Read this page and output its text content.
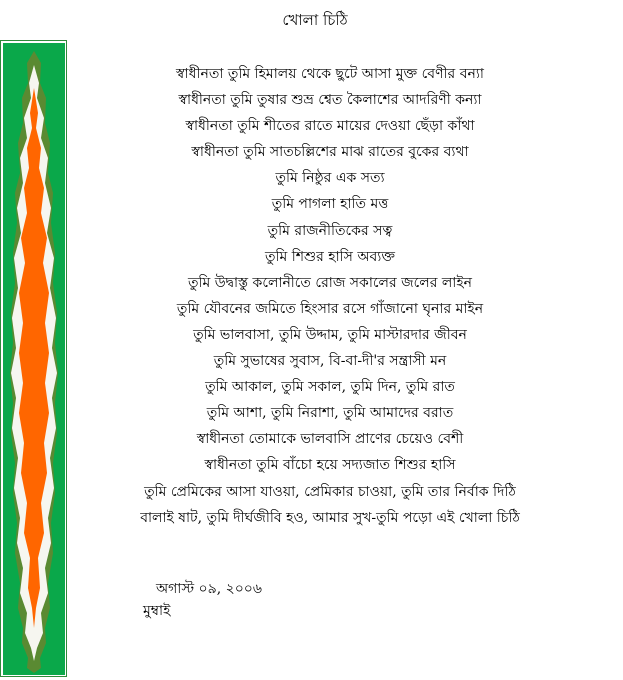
খোলা চিঠি
স্বাধীনতা তুমি হিমালয় থেকে ছুটে আসা মুক্ত বেণীর বন্যা
স্বাধীনতা তুমি তুষার শুভ্র শ্বেত কৈলাশের আদরিণী কন্যা
স্বাধীনতা তুমি শীতের রাতে মায়ের দেওয়া ছেঁড়া কাঁথা
স্বাধীনতা তুমি সাতচল্লিশের মাঝ রাতের বুকের ব্যথা
তুমি নিষ্ঠুর এক সত্য
তুমি পাগলা হাতি মত্ত
তুমি রাজনীতিকের সত্ব
তুমি শিশুর হাসি অব্যক্ত
তুমি উদ্বাস্তু কলোনীতে রোজ সকালের জলের লাইন
তুমি যৌবনের জমিতে হিংসার রসে গাঁজানো ঘৃনার মাইন
তুমি ভালবাসা, তুমি উদ্দাম, তুমি মাস্টারদার জীবন
তুমি সুভাষের সুবাস, বি-বা-দী'র সন্ত্রাসী মন
তুমি আকাল, তুমি সকাল, তুমি দিন, তুমি রাত
তুমি আশা, তুমি নিরাশা, তুমি আমাদের বরাত
স্বাধীনতা তোমাকে ভালবাসি প্রাণের চেয়েও বেশী
স্বাধীনতা তুমি বাঁচো হয়ে সদ্যজাত শিশুর হাসি
তুমি প্রেমিকের আসা যাওয়া, প্রেমিকার চাওয়া, তুমি তার নির্বাক দিঠি
বালাই ষাট, তুমি দীর্ঘজীবি হও, আমার সুখ-তুমি পড়ো এই খোলা চিঠি
অগাস্ট ০৯, ২০০৬
মুম্বাই
